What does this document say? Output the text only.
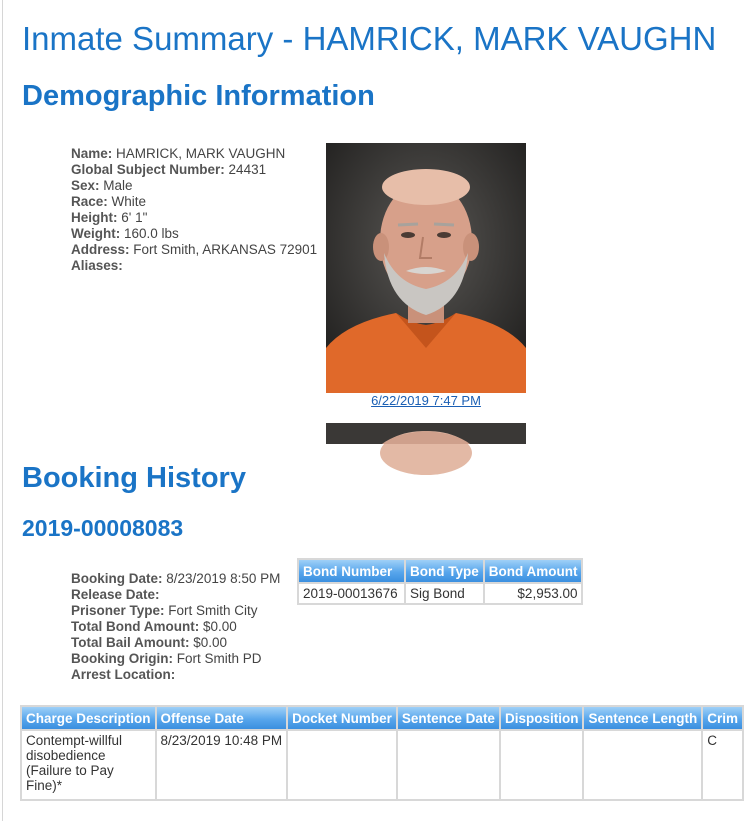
Inmate Summary - HAMRICK, MARK VAUGHN
Demographic Information
Name: HAMRICK, MARK VAUGHN
Global Subject Number: 24431
Sex: Male
Race: White
Height: 6' 1"
Weight: 160.0 lbs
Address: Fort Smith, ARKANSAS 72901
Aliases:
6/22/2019 7:47 PM
Booking History
2019-00008083
Booking Date: 8/23/2019 8:50 PM
Release Date:
Prisoner Type: Fort Smith City
Total Bond Amount: $0.00
Total Bail Amount: $0.00
Booking Origin: Fort Smith PD
Arrest Location:
Bond Number	Bond Type	Bond Amount
2019-00013676	Sig Bond	$2,953.00
Charge Description	Offense Date	Docket Number	Sentence Date	Disposition	Sentence Length	Crim
Contempt-willful disobedience (Failure to Pay Fine)*	8/23/2019 10:48 PM					C
